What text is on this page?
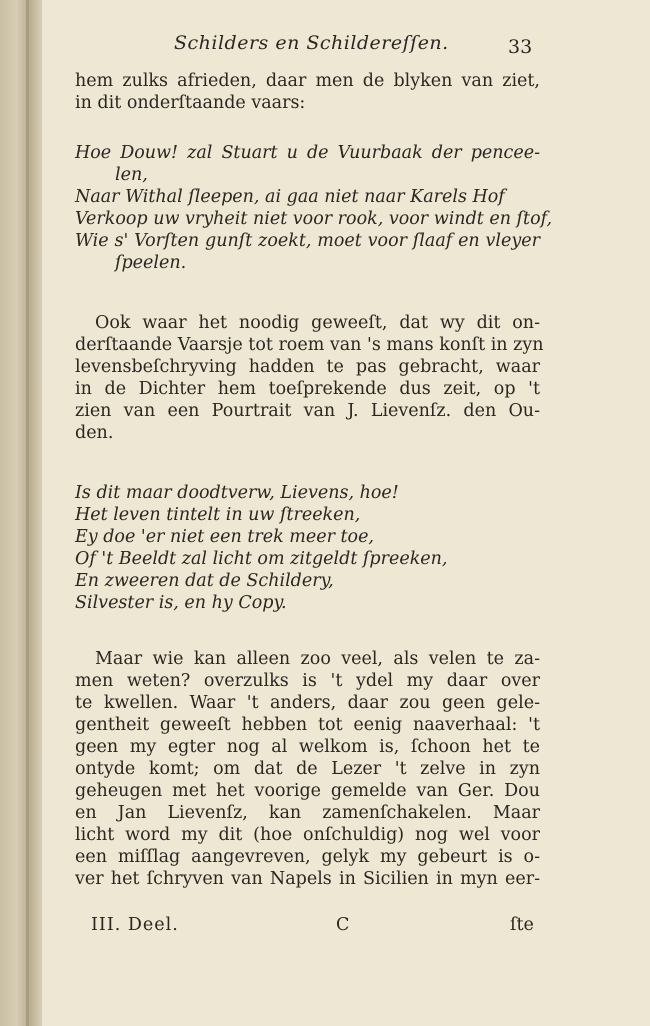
Schilders en Schildereſſen.	33
hem zulks afrieden, daar men de blyken van ziet,
in dit onderſtaande vaars:
Hoe Douw! zal Stuart u de Vuurbaak der pencee-
len,
Naar Withal ſleepen, ai gaa niet naar Karels Hof
Verkoop uw vryheit niet voor rook, voor windt en ſtof,
Wie s' Vorſten gunſt zoekt, moet voor ſlaaf en vleyer
ſpeelen.
Ook waar het noodig geweeſt, dat wy dit on-
derſtaande Vaarsje tot roem van 's mans konſt in zyn
levensbeſchryving hadden te pas gebracht, waar
in de Dichter hem toeſprekende dus zeit, op 't
zien van een Pourtrait van J. Lievenſz. den Ou-
den.
Is dit maar doodtverw, Lievens, hoe!
Het leven tintelt in uw ſtreeken,
Ey doe 'er niet een trek meer toe,
Of 't Beeldt zal licht om zitgeldt ſpreeken,
En zweeren dat de Schildery,
Silvester is, en hy Copy.
Maar wie kan alleen zoo veel, als velen te za-
men weten? overzulks is 't ydel my daar over
te kwellen. Waar 't anders, daar zou geen gele-
gentheit geweeſt hebben tot eenig naaverhaal: 't
geen my egter nog al welkom is, ſchoon het te
ontyde komt; om dat de Lezer 't zelve in zyn
geheugen met het voorige gemelde van Ger. Dou
en Jan Lievenſz, kan zamenſchakelen. Maar
licht word my dit (hoe onſchuldig) nog wel voor
een miſſlag aangevreven, gelyk my gebeurt is o-
ver het ſchryven van Napels in Sicilien in myn eer-
III. Deel.	C	ſte
